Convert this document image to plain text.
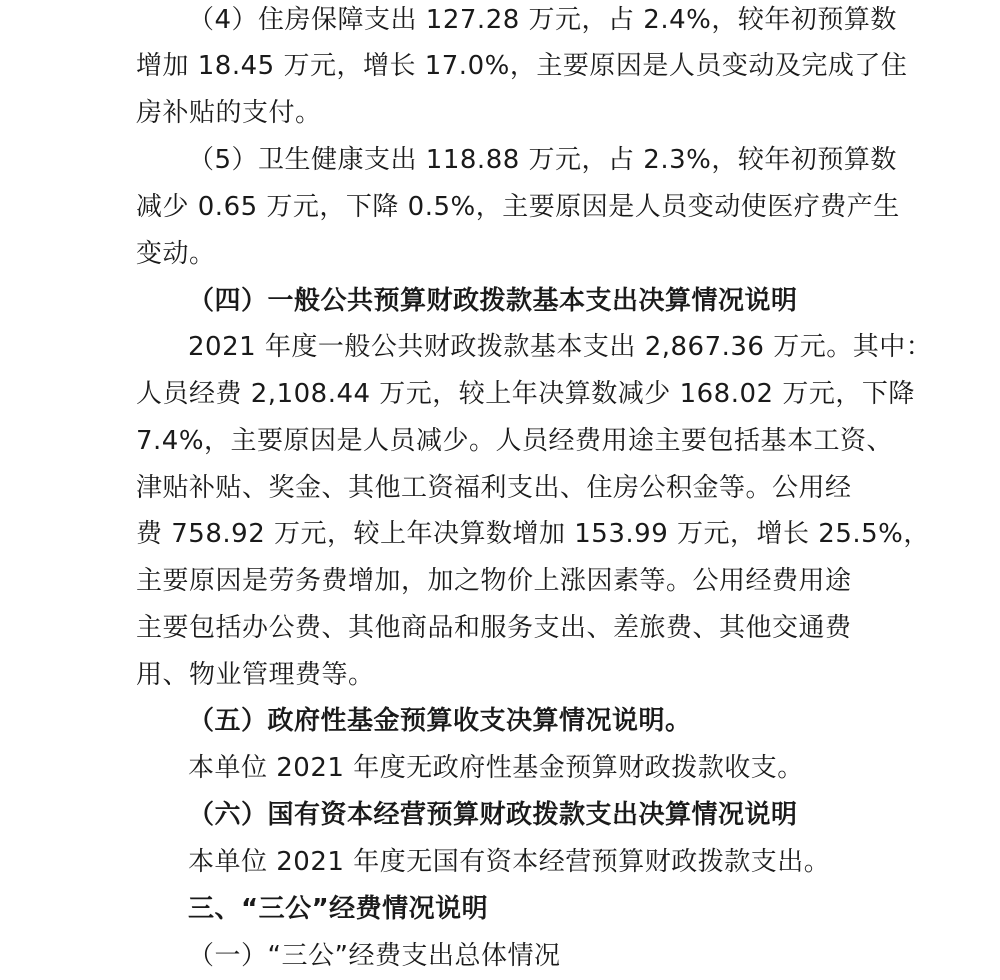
（4）住房保障支出 127.28 万元，占 2.4%，较年初预算数
增加 18.45 万元，增长 17.0%，主要原因是人员变动及完成了住
房补贴的支付。
（5）卫生健康支出 118.88 万元，占 2.3%，较年初预算数
减少 0.65 万元，下降 0.5%，主要原因是人员变动使医疗费产生
变动。
（四）一般公共预算财政拨款基本支出决算情况说明
2021 年度一般公共财政拨款基本支出 2,867.36 万元。其中：
人员经费 2,108.44 万元，较上年决算数减少 168.02 万元，下降
7.4%，主要原因是人员减少。人员经费用途主要包括基本工资、
津贴补贴、奖金、其他工资福利支出、住房公积金等。公用经
费 758.92 万元，较上年决算数增加 153.99 万元，增长 25.5%，
主要原因是劳务费增加，加之物价上涨因素等。公用经费用途
主要包括办公费、其他商品和服务支出、差旅费、其他交通费
用、物业管理费等。
（五）政府性基金预算收支决算情况说明。
本单位 2021 年度无政府性基金预算财政拨款收支。
（六）国有资本经营预算财政拨款支出决算情况说明
本单位 2021 年度无国有资本经营预算财政拨款支出。
三、“三公”经费情况说明
（一）“三公”经费支出总体情况
